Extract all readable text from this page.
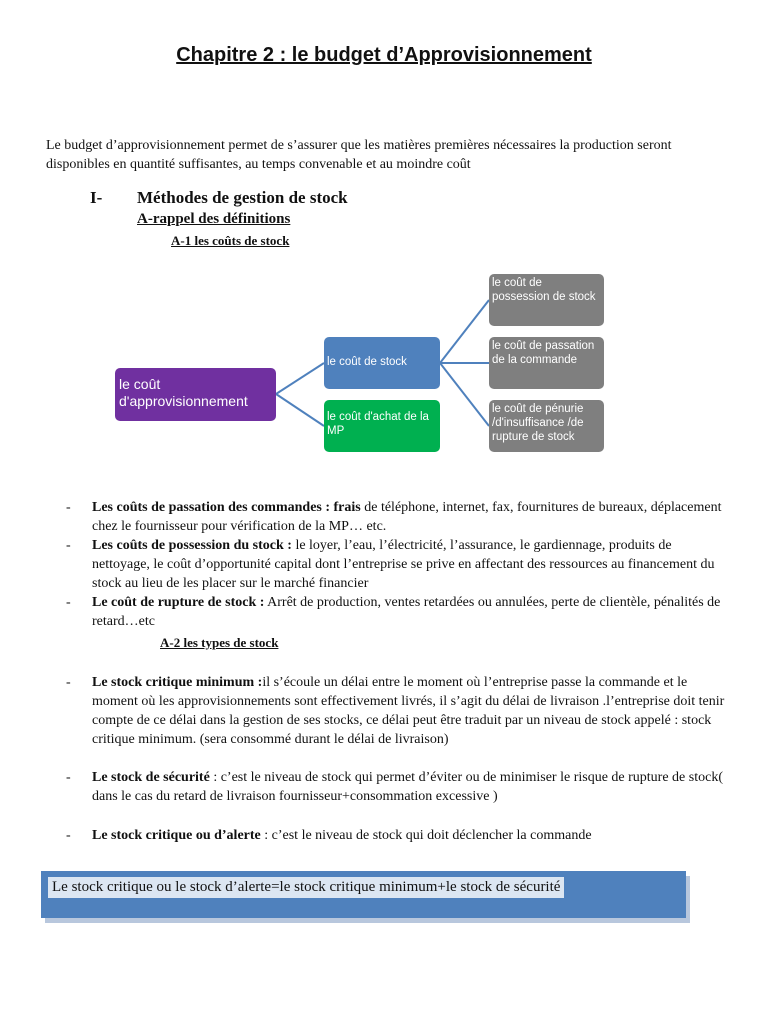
Chapitre 2 : le budget d’Approvisionnement
Le budget d’approvisionnement permet de s’assurer que les matières premières nécessaires la production seront disponibles en quantité suffisantes, au temps convenable et au moindre coût
I- Méthodes de gestion de stock
A-rappel des définitions
A-1 les coûts de stock
le coût d'approvisionnement
le coût de stock
le coût d'achat de la MP
le coût de possession de stock
le coût de passation de la commande
le coût de pénurie /d'insuffisance /de rupture de stock
- Les coûts de passation des commandes : frais de téléphone, internet, fax, fournitures de bureaux, déplacement chez le fournisseur pour vérification de la MP… etc.
- Les coûts de possession du stock : le loyer, l’eau, l’électricité, l’assurance, le gardiennage, produits de nettoyage, le coût d’opportunité capital dont l’entreprise se prive en affectant des ressources au financement du stock au lieu de les placer sur le marché financier
- Le coût de rupture de stock : Arrêt de production, ventes retardées ou annulées, perte de clientèle, pénalités de retard…etc
A-2 les types de stock
- Le stock critique minimum :il s’écoule un délai entre le moment où l’entreprise passe la commande et le moment où les approvisionnements sont effectivement livrés, il s’agit du délai de livraison .l’entreprise doit tenir compte de ce délai dans la gestion de ses stocks, ce délai peut être traduit par un niveau de stock appelé : stock critique minimum. (sera consommé durant le délai de livraison)
- Le stock de sécurité : c’est le niveau de stock qui permet d’éviter ou de minimiser le risque de rupture de stock( dans le cas du retard de livraison fournisseur+consommation excessive )
- Le stock critique ou d’alerte : c’est le niveau de stock qui doit déclencher la commande
Le stock critique ou le stock d’alerte=le stock critique minimum+le stock de sécurité
